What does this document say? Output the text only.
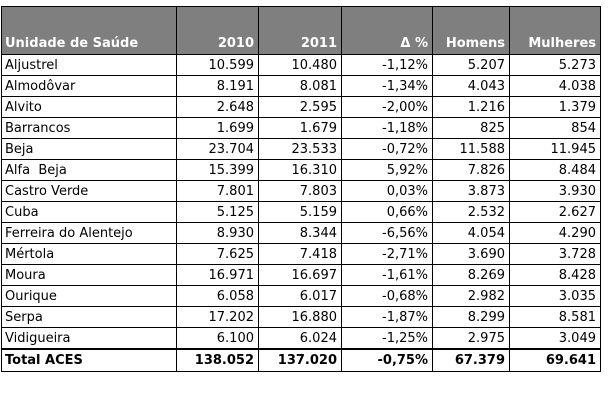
Unidade de Saúde	2010	2011	Δ %	Homens	Mulheres
Aljustrel	10.599	10.480	-1,12%	5.207	5.273
Almodôvar	8.191	8.081	-1,34%	4.043	4.038
Alvito	2.648	2.595	-2,00%	1.216	1.379
Barrancos	1.699	1.679	-1,18%	825	854
Beja	23.704	23.533	-0,72%	11.588	11.945
Alfa  Beja	15.399	16.310	5,92%	7.826	8.484
Castro Verde	7.801	7.803	0,03%	3.873	3.930
Cuba	5.125	5.159	0,66%	2.532	2.627
Ferreira do Alentejo	8.930	8.344	-6,56%	4.054	4.290
Mértola	7.625	7.418	-2,71%	3.690	3.728
Moura	16.971	16.697	-1,61%	8.269	8.428
Ourique	6.058	6.017	-0,68%	2.982	3.035
Serpa	17.202	16.880	-1,87%	8.299	8.581
Vidigueira	6.100	6.024	-1,25%	2.975	3.049
Total ACES	138.052	137.020	-0,75%	67.379	69.641
